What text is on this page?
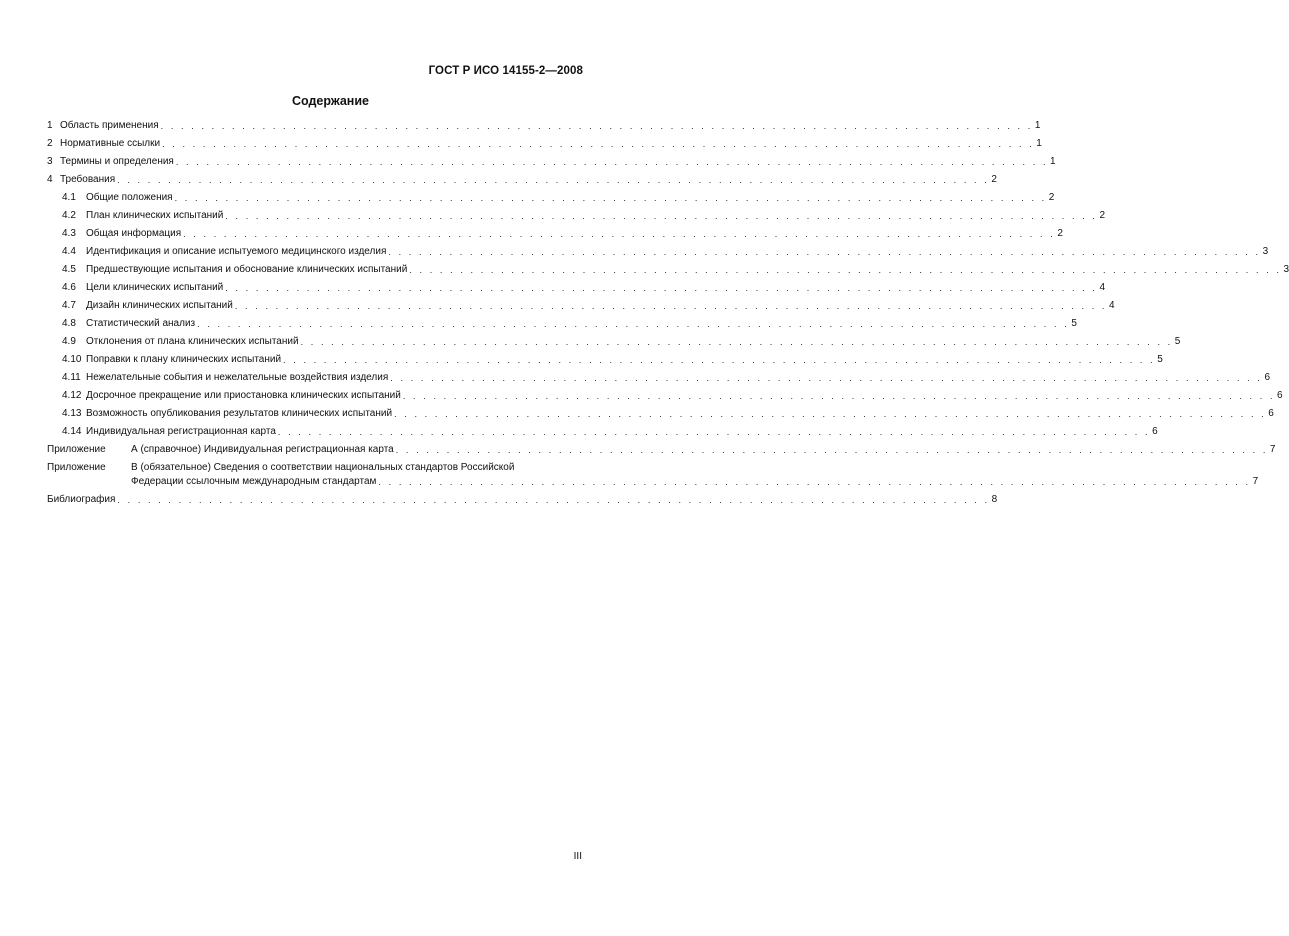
ГОСТ Р ИСО 14155-2—2008
Содержание
1 Область применения . . . . . . . . . . . . . . . . . . . . . . . . . . . . . . . . . . . . . . . . . . . . . . . . . . . . . . . . . . . . . . . . . . . . . . . . . . . . . . . . . . . . . . 1
2 Нормативные ссылки . . . . . . . . . . . . . . . . . . . . . . . . . . . . . . . . . . . . . . . . . . . . . . . . . . . . . . . . . . . . . . . . . . . . . . . . . . . . . . . . . . . . . . 1
3 Термины и определения . . . . . . . . . . . . . . . . . . . . . . . . . . . . . . . . . . . . . . . . . . . . . . . . . . . . . . . . . . . . . . . . . . . . . . . . . . . . . . . . . . . . . . 1
4 Требования . . . . . . . . . . . . . . . . . . . . . . . . . . . . . . . . . . . . . . . . . . . . . . . . . . . . . . . . . . . . . . . . . . . . . . . . . . . . . . . . . . . . . . 2
4.1 Общие положения . . . . . . . . . . . . . . . . . . . . . . . . . . . . . . . . . . . . . . . . . . . . . . . . . . . . . . . . . . . . . . . . . . . . . . . . . . . . . . . . . . . . . . 2
4.2 План клинических испытаний . . . . . . . . . . . . . . . . . . . . . . . . . . . . . . . . . . . . . . . . . . . . . . . . . . . . . . . . . . . . . . . . . . . . . . . . . . . . . . . . . . . . . . 2
4.3 Общая информация . . . . . . . . . . . . . . . . . . . . . . . . . . . . . . . . . . . . . . . . . . . . . . . . . . . . . . . . . . . . . . . . . . . . . . . . . . . . . . . . . . . . . . 2
4.4 Идентификация и описание испытуемого медицинского изделия . . . . . . . . . . . . . . . . . . . . . . . . . . . . . . . . . . . . . . . . . . . . . . . . . . . . . . . . . . . . . . . . . . . . . . . . . . . . . . . . . . . . . . 3
4.5 Предшествующие испытания и обоснование клинических испытаний . . . . . . . . . . . . . . . . . . . . . . . . . . . . . . . . . . . . . . . . . . . . . . . . . . . . . . . . . . . . . . . . . . . . . . . . . . . . . . . . . . . . . . 3
4.6 Цели клинических испытаний . . . . . . . . . . . . . . . . . . . . . . . . . . . . . . . . . . . . . . . . . . . . . . . . . . . . . . . . . . . . . . . . . . . . . . . . . . . . . . . . . . . . . . 4
4.7 Дизайн клинических испытаний . . . . . . . . . . . . . . . . . . . . . . . . . . . . . . . . . . . . . . . . . . . . . . . . . . . . . . . . . . . . . . . . . . . . . . . . . . . . . . . . . . . . . . 4
4.8 Статистический анализ . . . . . . . . . . . . . . . . . . . . . . . . . . . . . . . . . . . . . . . . . . . . . . . . . . . . . . . . . . . . . . . . . . . . . . . . . . . . . . . . . . . . . . 5
4.9 Отклонения от плана клинических испытаний . . . . . . . . . . . . . . . . . . . . . . . . . . . . . . . . . . . . . . . . . . . . . . . . . . . . . . . . . . . . . . . . . . . . . . . . . . . . . . . . . . . . . . 5
4.10 Поправки к плану клинических испытаний . . . . . . . . . . . . . . . . . . . . . . . . . . . . . . . . . . . . . . . . . . . . . . . . . . . . . . . . . . . . . . . . . . . . . . . . . . . . . . . . . . . . . . 5
4.11 Нежелательные события и нежелательные воздействия изделия . . . . . . . . . . . . . . . . . . . . . . . . . . . . . . . . . . . . . . . . . . . . . . . . . . . . . . . . . . . . . . . . . . . . . . . . . . . . . . . . . . . . . . 6
4.12 Досрочное прекращение или приостановка клинических испытаний . . . . . . . . . . . . . . . . . . . . . . . . . . . . . . . . . . . . . . . . . . . . . . . . . . . . . . . . . . . . . . . . . . . . . . . . . . . . . . . . . . . . . . 6
4.13 Возможность опубликования результатов клинических испытаний . . . . . . . . . . . . . . . . . . . . . . . . . . . . . . . . . . . . . . . . . . . . . . . . . . . . . . . . . . . . . . . . . . . . . . . . . . . . . . . . . . . . . . 6
4.14 Индивидуальная регистрационная карта . . . . . . . . . . . . . . . . . . . . . . . . . . . . . . . . . . . . . . . . . . . . . . . . . . . . . . . . . . . . . . . . . . . . . . . . . . . . . . . . . . . . . . 6
Приложение	А (справочное) Индивидуальная регистрационная карта . . . . . . . . . . . . . . . . . . . . . . . . . . . . . . . . . . . . . . . . . . . . . . . . . . . . . . . . . . . . . . . . . . . . . . . . . . . . . . . . . . . . . . 7
Приложение	В (обязательное) Сведения о соответствии национальных стандартов Российской
Федерации ссылочным международным стандартам . . . . . . . . . . . . . . . . . . . . . . . . . . . . . . . . . . . . . . . . . . . . . . . . . . . . . . . . . . . . . . . . . . . . . . . . . . . . . . . . . . . . . . 7
Библиография . . . . . . . . . . . . . . . . . . . . . . . . . . . . . . . . . . . . . . . . . . . . . . . . . . . . . . . . . . . . . . . . . . . . . . . . . . . . . . . . . . . . . . 8
III
